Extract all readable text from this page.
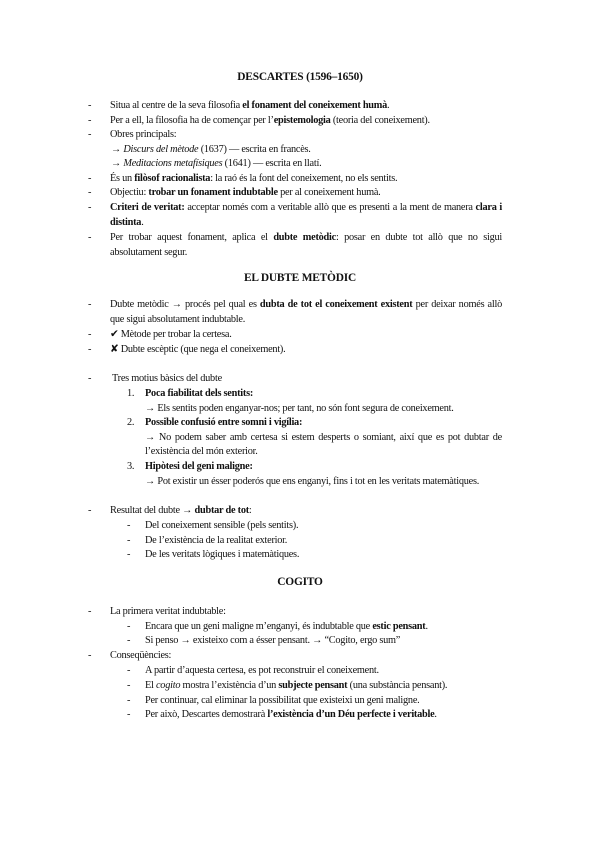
DESCARTES (1596–1650)
-	Situa al centre de la seva filosofia el fonament del coneixement humà.
-	Per a ell, la filosofia ha de començar per l’epistemologia (teoria del coneixement).
-	Obres principals:
→ Discurs del mètode (1637) — escrita en francès.
→ Meditacions metafísiques (1641) — escrita en llatí.
-	És un filòsof racionalista: la raó és la font del coneixement, no els sentits.
-	Objectiu: trobar un fonament indubtable per al coneixement humà.
-	Criteri de veritat: acceptar només com a veritable allò que es presenti a la ment de manera clara i distinta.
-	Per trobar aquest fonament, aplica el dubte metòdic: posar en dubte tot allò que no sigui absolutament segur.
EL DUBTE METÒDIC
-	Dubte metòdic → procés pel qual es dubta de tot el coneixement existent per deixar només allò que sigui absolutament indubtable.
-	✔ Mètode per trobar la certesa.
-	✘ Dubte escèptic (que nega el coneixement).
-	Tres motius bàsics del dubte
1.	Poca fiabilitat dels sentits:
→ Els sentits poden enganyar-nos; per tant, no són font segura de coneixement.
2.	Possible confusió entre somni i vigília:
→ No podem saber amb certesa si estem desperts o somiant, així que es pot dubtar de l’existència del món exterior.
3.	Hipòtesi del geni maligne:
→ Pot existir un ésser poderós que ens enganyi, fins i tot en les veritats matemàtiques.
-	Resultat del dubte → dubtar de tot:
-	Del coneixement sensible (pels sentits).
-	De l’existència de la realitat exterior.
-	De les veritats lògiques i matemàtiques.
COGITO
-	La primera veritat indubtable:
-	Encara que un geni maligne m’enganyi, és indubtable que estic pensant.
-	Si penso → existeixo com a ésser pensant. → “Cogito, ergo sum”
-	Conseqüències:
-	A partir d’aquesta certesa, es pot reconstruir el coneixement.
-	El cogito mostra l’existència d’un subjecte pensant (una substància pensant).
-	Per continuar, cal eliminar la possibilitat que existeixi un geni maligne.
-	Per això, Descartes demostrarà l’existència d’un Déu perfecte i veritable.
